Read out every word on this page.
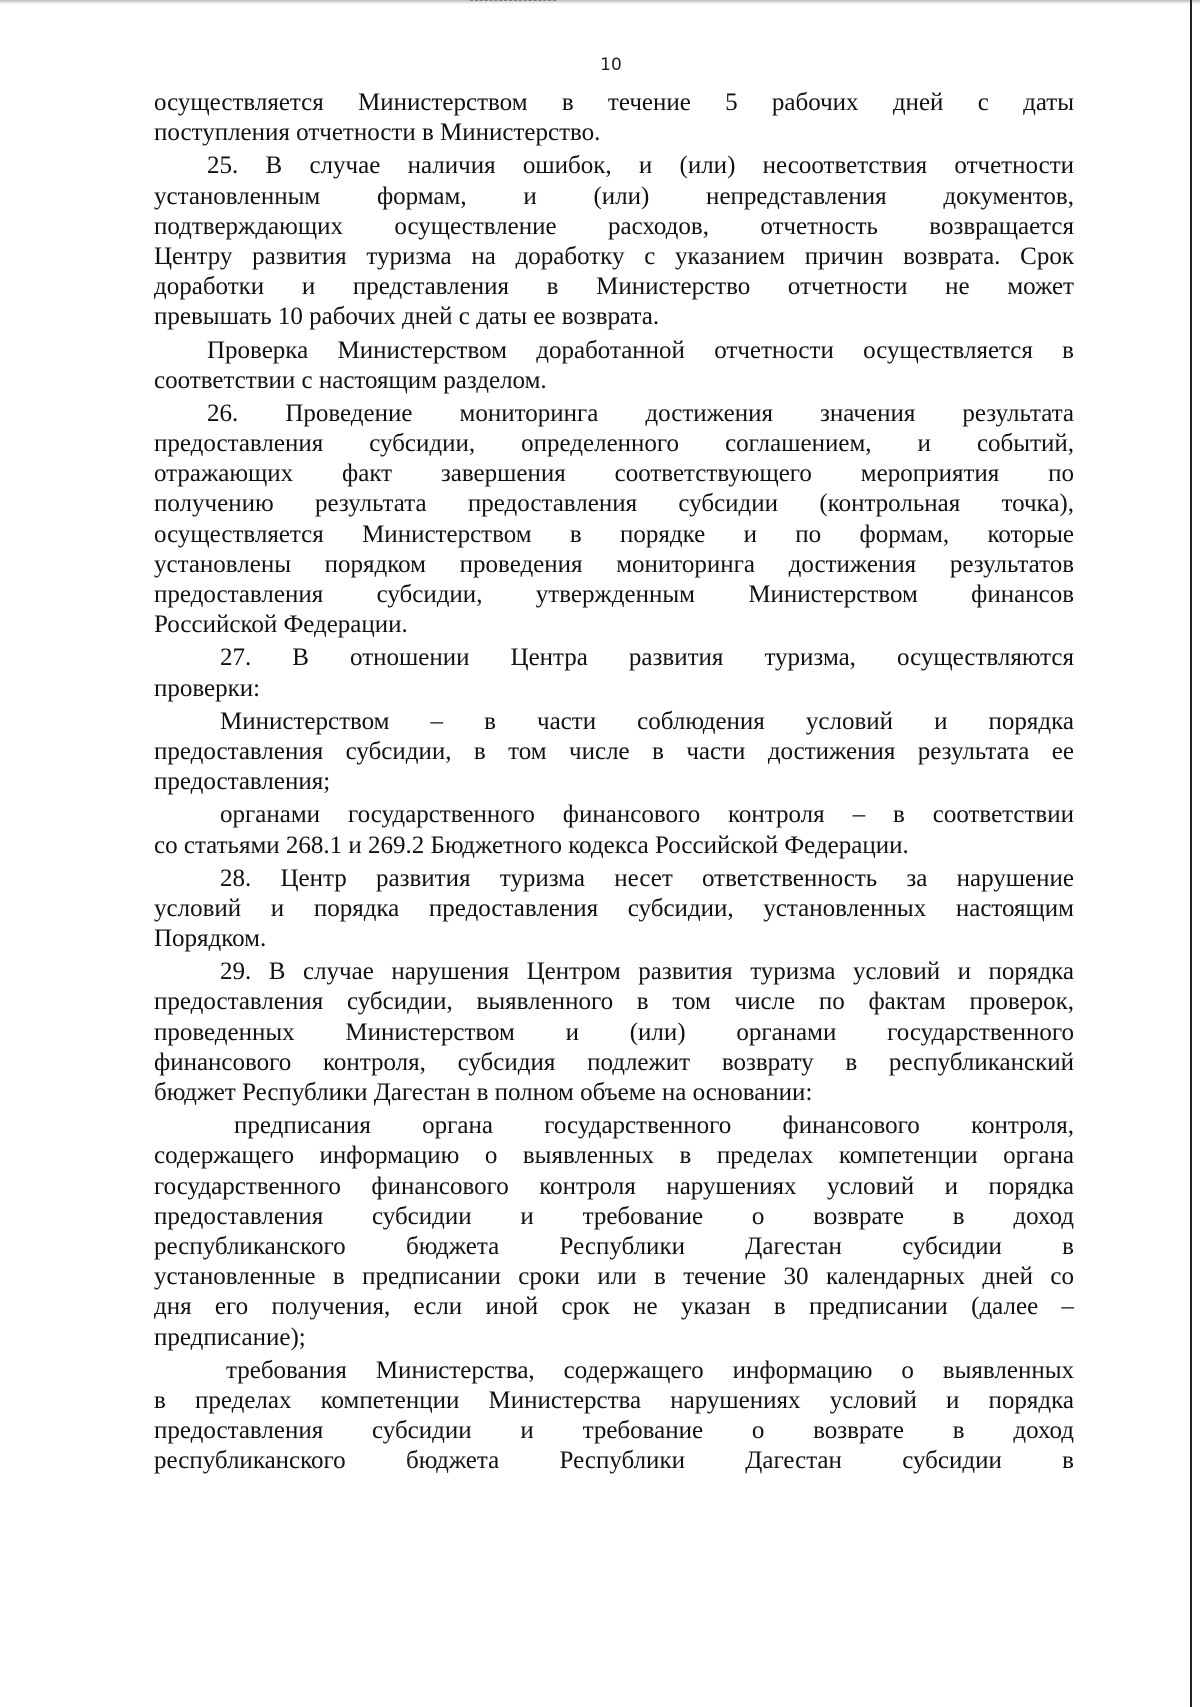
10
осуществляется Министерством в течение 5 рабочих дней с даты
поступления отчетности в Министерство.
25. В случае наличия ошибок, и (или) несоответствия отчетности
установленным формам, и (или) непредставления документов,
подтверждающих осуществление расходов, отчетность возвращается
Центру развития туризма на доработку с указанием причин возврата. Срок
доработки и представления в Министерство отчетности не может
превышать 10 рабочих дней с даты ее возврата.
Проверка Министерством доработанной отчетности осуществляется в
соответствии с настоящим разделом.
26. Проведение мониторинга достижения значения результата
предоставления субсидии, определенного соглашением, и событий,
отражающих факт завершения соответствующего мероприятия по
получению результата предоставления субсидии (контрольная точка),
осуществляется Министерством в порядке и по формам, которые
установлены порядком проведения мониторинга достижения результатов
предоставления субсидии, утвержденным Министерством финансов
Российской Федерации.
27. В отношении Центра развития туризма, осуществляются
проверки:
Министерством – в части соблюдения условий и порядка
предоставления субсидии, в том числе в части достижения результата ее
предоставления;
органами государственного финансового контроля – в соответствии
со статьями 268.1 и 269.2 Бюджетного кодекса Российской Федерации.
28. Центр развития туризма несет ответственность за нарушение
условий и порядка предоставления субсидии, установленных настоящим
Порядком.
29. В случае нарушения Центром развития туризма условий и порядка
предоставления субсидии, выявленного в том числе по фактам проверок,
проведенных Министерством и (или) органами государственного
финансового контроля, субсидия подлежит возврату в республиканский
бюджет Республики Дагестан в полном объеме на основании:
предписания органа государственного финансового контроля,
содержащего информацию о выявленных в пределах компетенции органа
государственного финансового контроля нарушениях условий и порядка
предоставления субсидии и требование о возврате в доход
республиканского бюджета Республики Дагестан субсидии в
установленные в предписании сроки или в течение 30 календарных дней со
дня его получения, если иной срок не указан в предписании (далее –
предписание);
требования Министерства, содержащего информацию о выявленных
в пределах компетенции Министерства нарушениях условий и порядка
предоставления субсидии и требование о возврате в доход
республиканского бюджета Республики Дагестан субсидии в
